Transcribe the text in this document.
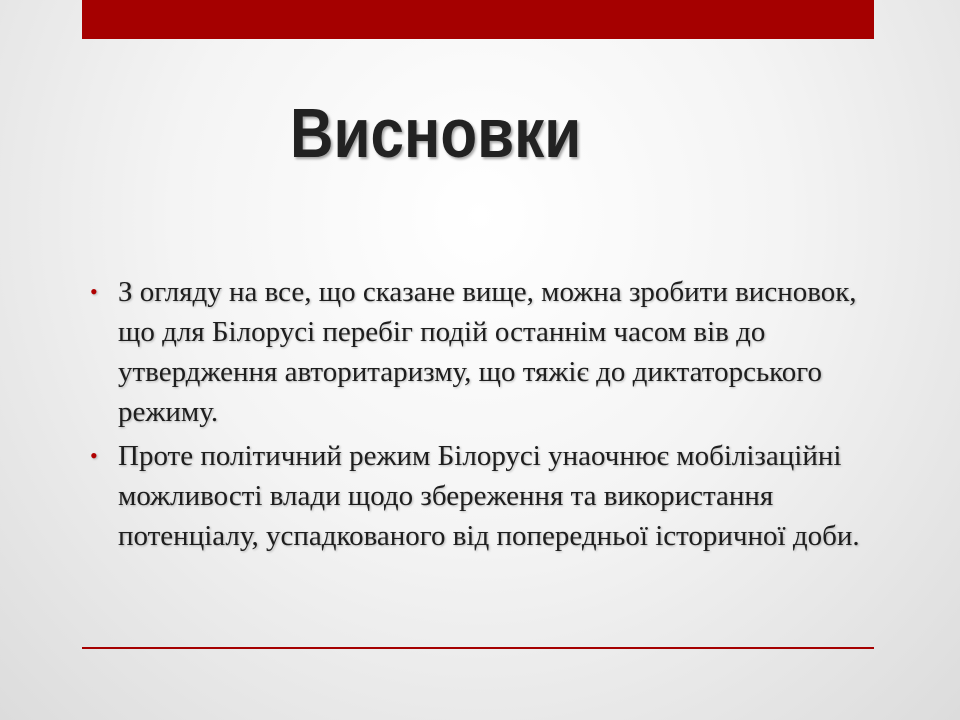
Висновки
• З огляду на все, що сказане вище, можна зробити висновок, що для Білорусі перебіг подій останнім часом вів до утвердження авторитаризму, що тяжіє до диктаторського режиму.
• Проте політичний режим Білорусі унаочнює мобілізаційні можливості влади щодо збереження та використання потенціалу, успадкованого від попередньої історичної доби.
